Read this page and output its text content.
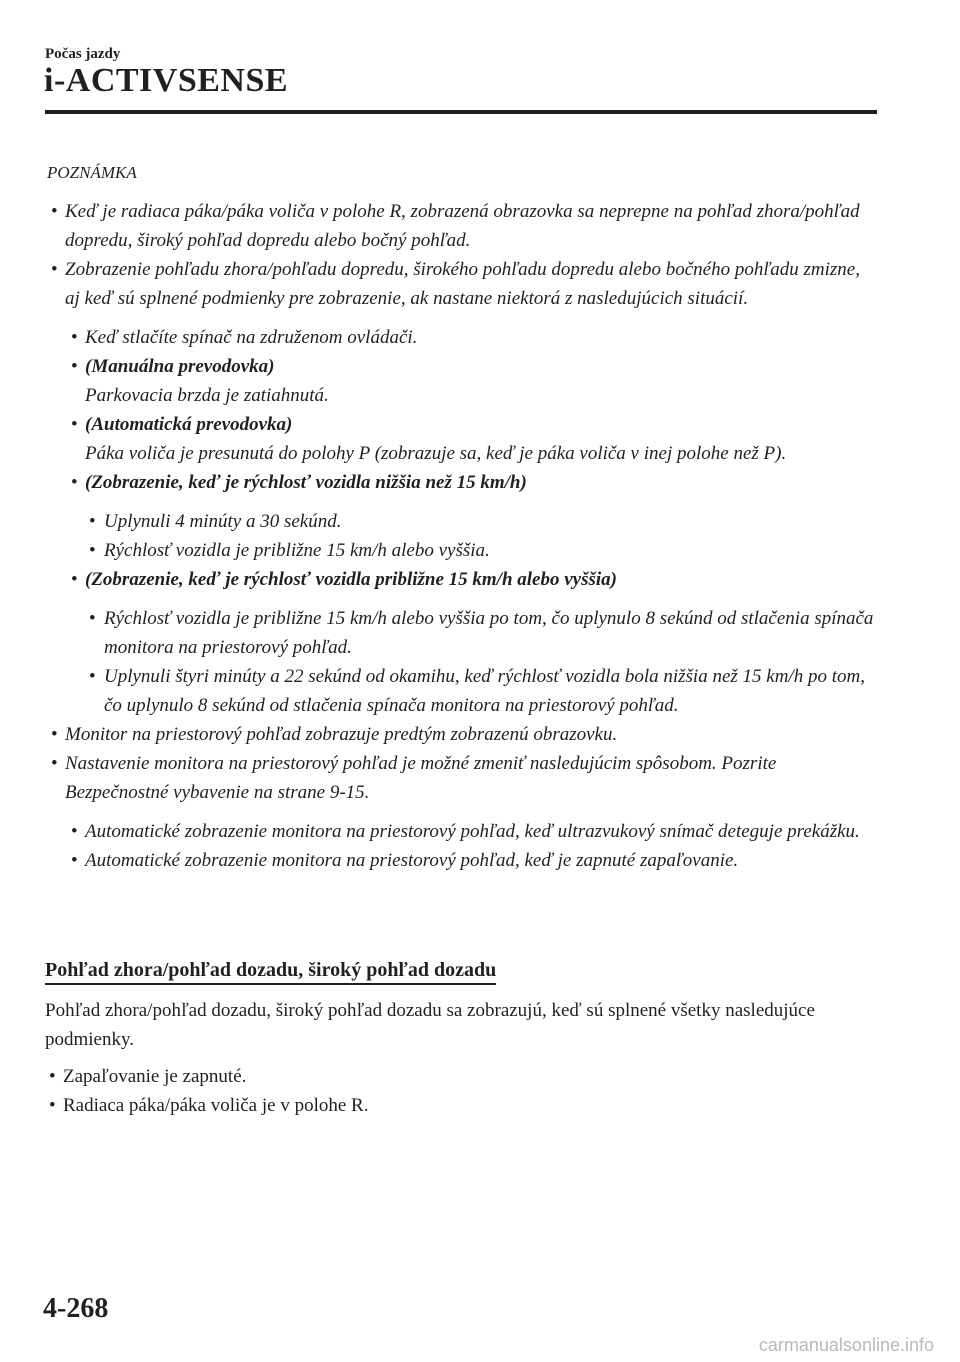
Počas jazdy
i-ACTIVSENSE
POZNÁMKA
• Keď je radiaca páka/páka voliča v polohe R, zobrazená obrazovka sa neprepne na pohľad zhora/pohľad dopredu, široký pohľad dopredu alebo bočný pohľad.
• Zobrazenie pohľadu zhora/pohľadu dopredu, širokého pohľadu dopredu alebo bočného pohľadu zmizne, aj keď sú splnené podmienky pre zobrazenie, ak nastane niektorá z nasledujúcich situácií.
• Keď stlačíte spínač na združenom ovládači.
• (Manuálna prevodovka)
Parkovacia brzda je zatiahnutá.
• (Automatická prevodovka)
Páka voliča je presunutá do polohy P (zobrazuje sa, keď je páka voliča v inej polohe než P).
• (Zobrazenie, keď je rýchlosť vozidla nižšia než 15 km/h)
• Uplynuli 4 minúty a 30 sekúnd.
• Rýchlosť vozidla je približne 15 km/h alebo vyššia.
• (Zobrazenie, keď je rýchlosť vozidla približne 15 km/h alebo vyššia)
• Rýchlosť vozidla je približne 15 km/h alebo vyššia po tom, čo uplynulo 8 sekúnd od stlačenia spínača monitora na priestorový pohľad.
• Uplynuli štyri minúty a 22 sekúnd od okamihu, keď rýchlosť vozidla bola nižšia než 15 km/h po tom, čo uplynulo 8 sekúnd od stlačenia spínača monitora na priestorový pohľad.
• Monitor na priestorový pohľad zobrazuje predtým zobrazenú obrazovku.
• Nastavenie monitora na priestorový pohľad je možné zmeniť nasledujúcim spôsobom. Pozrite Bezpečnostné vybavenie na strane 9-15.
• Automatické zobrazenie monitora na priestorový pohľad, keď ultrazvukový snímač deteguje prekážku.
• Automatické zobrazenie monitora na priestorový pohľad, keď je zapnuté zapaľovanie.
Pohľad zhora/pohľad dozadu, široký pohľad dozadu
Pohľad zhora/pohľad dozadu, široký pohľad dozadu sa zobrazujú, keď sú splnené všetky nasledujúce podmienky.
• Zapaľovanie je zapnuté.
• Radiaca páka/páka voliča je v polohe R.
4-268
carmanualsonline.info
